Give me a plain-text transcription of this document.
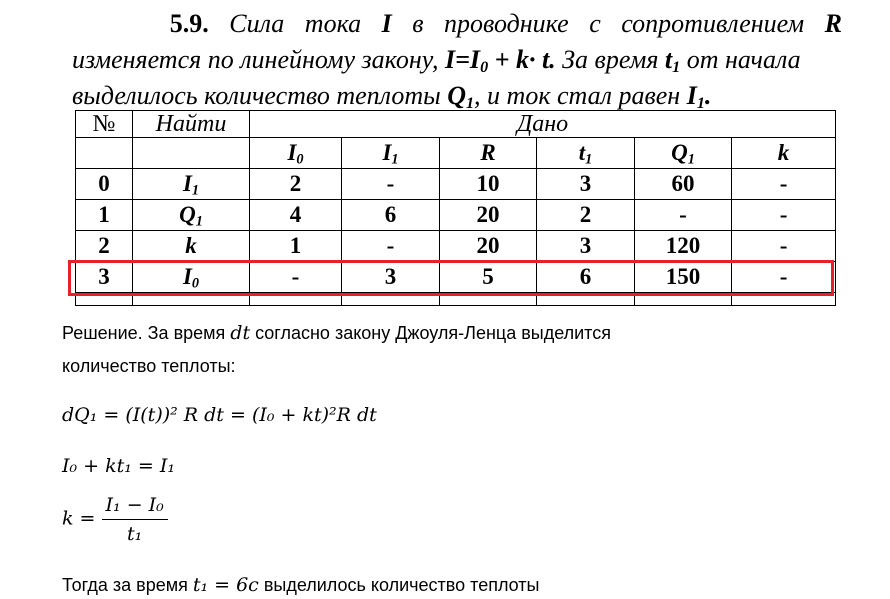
5.9. Сила тока I в проводнике с сопротивлением R
изменяется по линейному закону, $I=I_0 + k\cdot t$. За время $t_1$ от начала
выделилось количество теплоты $Q_1$, и ток стал равен $I_1$.
№	Найти	Дано					
		$I_0$	$I_1$	R	$t_1$	$Q_1$	k
0	$I_1$	2	-	10	3	60	-
1	$Q_1$	4	6	20	2	-	-
2	k	1	-	20	3	120	-
3	$I_0$	-	3	5	6	150	-

Решение. За время dt согласно закону Джоуля-Ленца выделится
количество теплоты:
dQ₁ = (I(t))² R dt = (I₀ + kt)²R dt
I₀ + kt₁ = I₁
$k = \frac{\text{I₁ − I₀}}{\text{t₁}}$
Тогда за время t₁ = 6с выделилось количество теплоты
